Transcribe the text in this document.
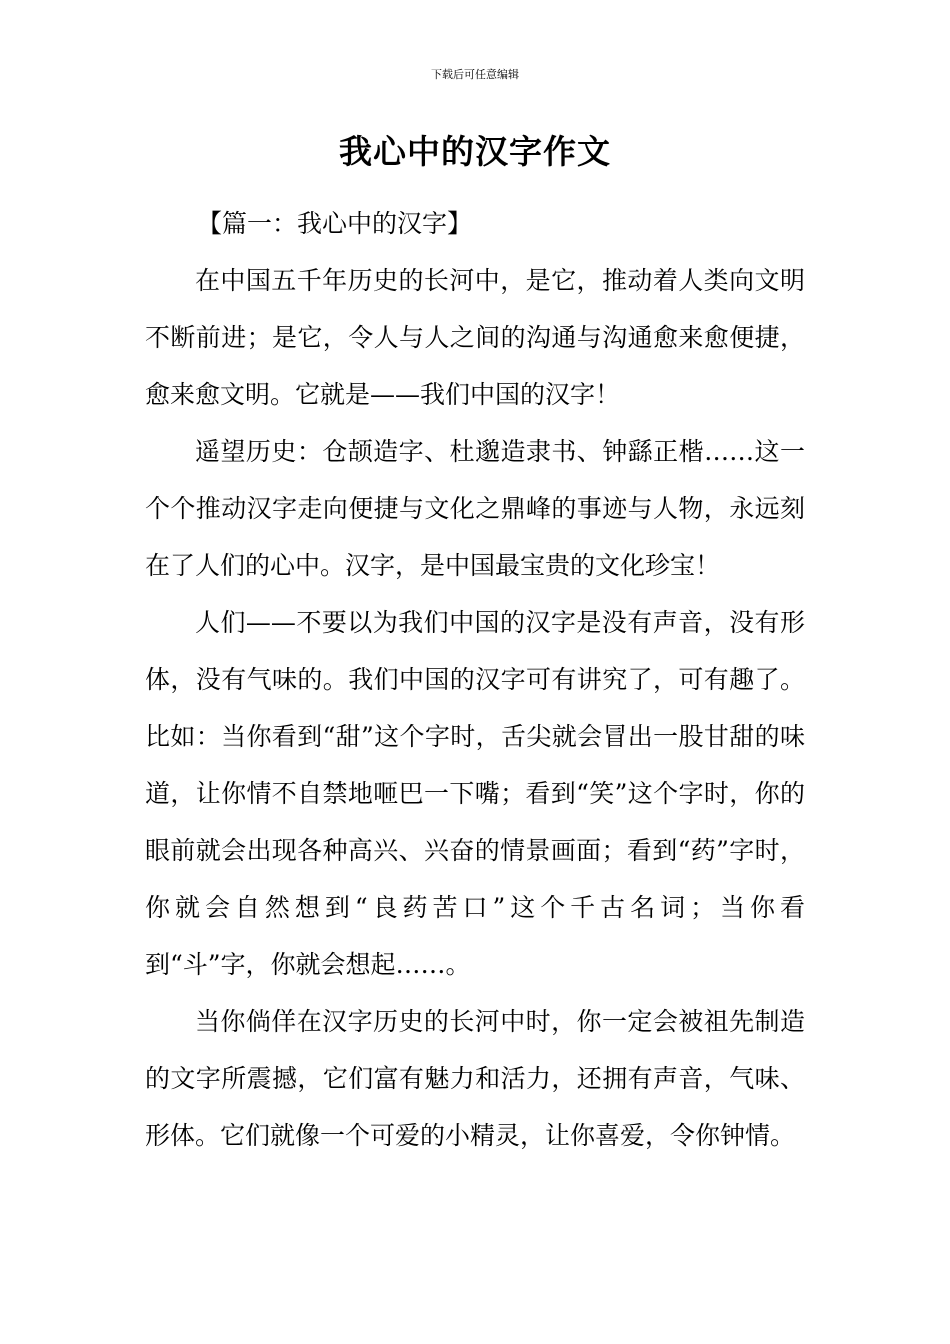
下载后可任意编辑
我心中的汉字作文

【篇一：我心中的汉字】

在中国五千年历史的长河中，是它，推动着人类向文明不断前进；是它，令人与人之间的沟通与沟通愈来愈便捷，愈来愈文明。它就是——我们中国的汉字！

遥望历史：仓颉造字、杜邈造隶书、钟繇正楷……这一个个推动汉字走向便捷与文化之鼎峰的事迹与人物，永远刻在了人们的心中。汉字，是中国最宝贵的文化珍宝！

人们——不要以为我们中国的汉字是没有声音，没有形体，没有气味的。我们中国的汉字可有讲究了，可有趣了。比如：当你看到“甜”这个字时，舌尖就会冒出一股甘甜的味道，让你情不自禁地咂巴一下嘴；看到“笑”这个字时，你的眼前就会出现各种高兴、兴奋的情景画面；看到“药”字时，你就会自然想到“良药苦口”这个千古名词；当你看到“斗”字，你就会想起……。

当你倘佯在汉字历史的长河中时，你一定会被祖先制造的文字所震撼，它们富有魅力和活力，还拥有声音，气味、形体。它们就像一个可爱的小精灵，让你喜爱，令你钟情。
